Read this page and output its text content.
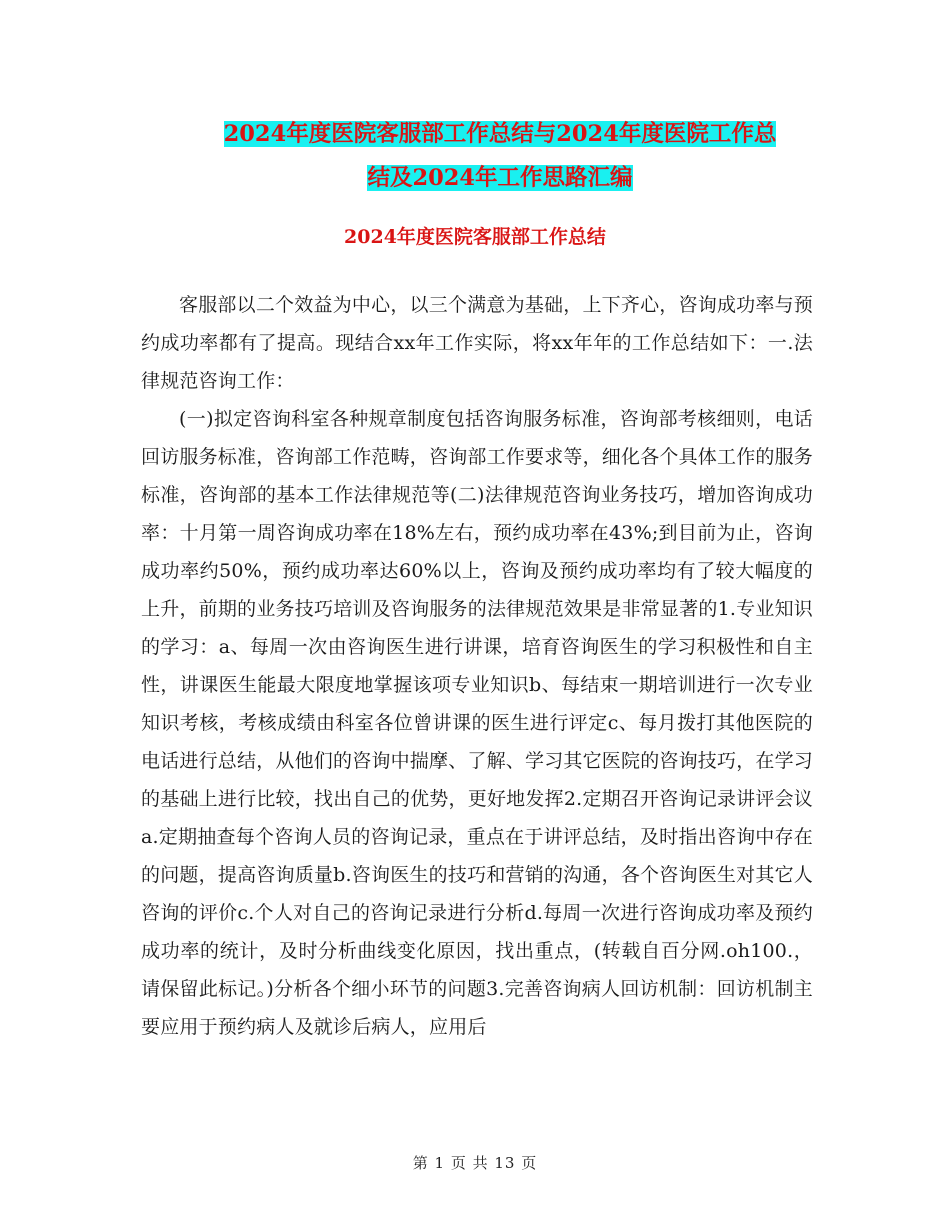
2024年度医院客服部工作总结与2024年度医院工作总
结及2024年工作思路汇编
2024年度医院客服部工作总结

客服部以二个效益为中心，以三个满意为基础，上下齐心，咨询成功率与预约成功率都有了提高。现结合xx年工作实际，将xx年年的工作总结如下：一.法律规范咨询工作：

(一)拟定咨询科室各种规章制度包括咨询服务标准，咨询部考核细则，电话回访服务标准，咨询部工作范畴，咨询部工作要求等，细化各个具体工作的服务标准，咨询部的基本工作法律规范等(二)法律规范咨询业务技巧，增加咨询成功率：十月第一周咨询成功率在18%左右，预约成功率在43%;到目前为止，咨询成功率约50%，预约成功率达60%以上，咨询及预约成功率均有了较大幅度的上升，前期的业务技巧培训及咨询服务的法律规范效果是非常显著的1.专业知识的学习：a、每周一次由咨询医生进行讲课，培育咨询医生的学习积极性和自主性，讲课医生能最大限度地掌握该项专业知识b、每结束一期培训进行一次专业知识考核，考核成绩由科室各位曾讲课的医生进行评定c、每月拨打其他医院的电话进行总结，从他们的咨询中揣摩、了解、学习其它医院的咨询技巧，在学习的基础上进行比较，找出自己的优势，更好地发挥2.定期召开咨询记录讲评会议a.定期抽查每个咨询人员的咨询记录，重点在于讲评总结，及时指出咨询中存在的问题，提高咨询质量b.咨询医生的技巧和营销的沟通，各个咨询医生对其它人咨询的评价c.个人对自己的咨询记录进行分析d.每周一次进行咨询成功率及预约成功率的统计，及时分析曲线变化原因，找出重点，(转载自百分网.oh100.，请保留此标记。)分析各个细小环节的问题3.完善咨询病人回访机制：回访机制主要应用于预约病人及就诊后病人，应用后

第 1 页 共 13 页
